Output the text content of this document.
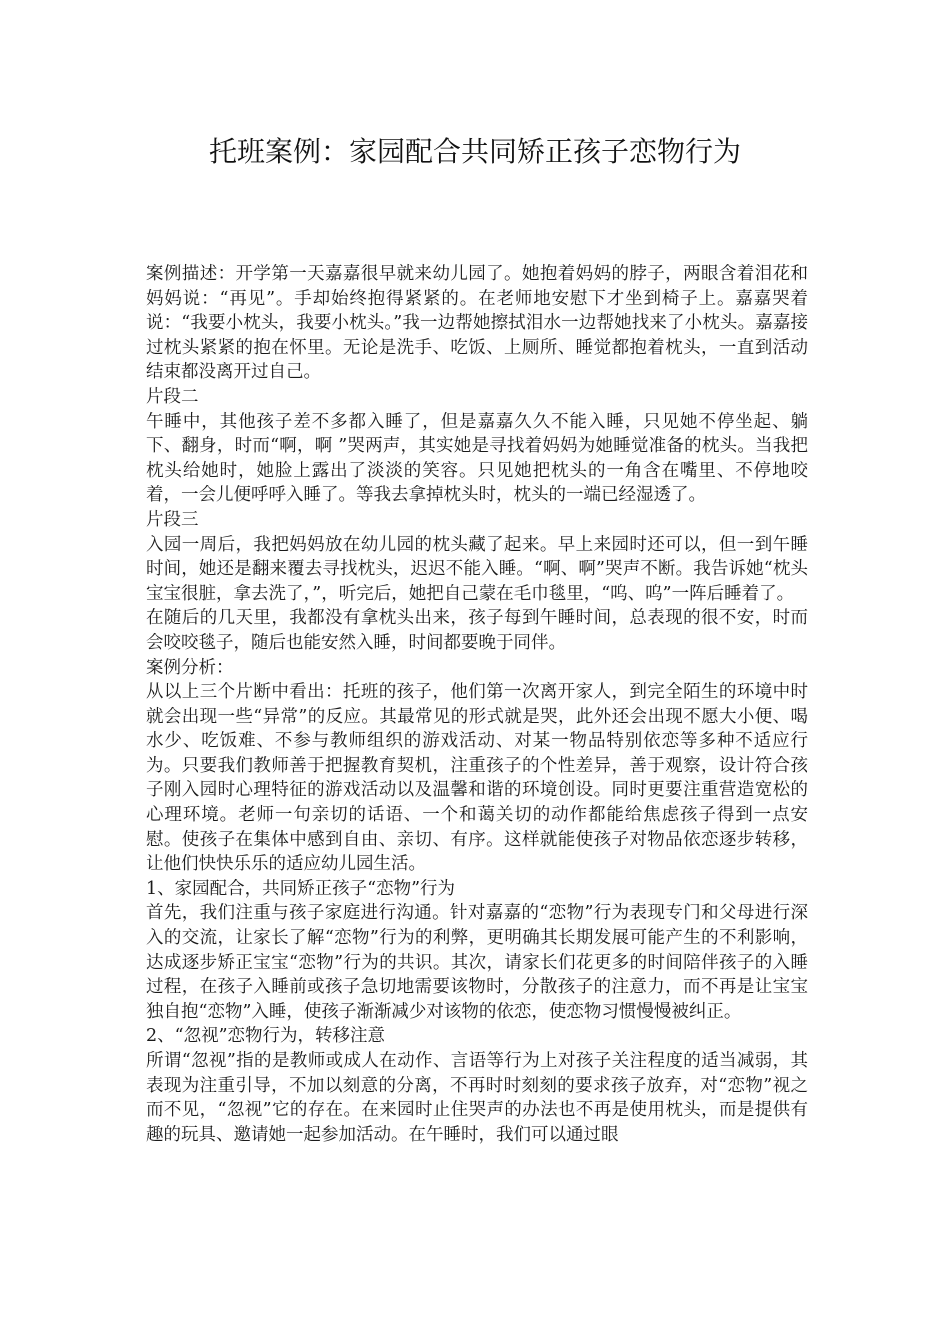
托班案例：家园配合共同矫正孩子恋物行为

案例描述：开学第一天嘉嘉很早就来幼儿园了。她抱着妈妈的脖子，两眼含着泪花和妈妈说：“再见”。手却始终抱得紧紧的。在老师地安慰下才坐到椅子上。嘉嘉哭着说：“我要小枕头，我要小枕头。”我一边帮她擦拭泪水一边帮她找来了小枕头。嘉嘉接过枕头紧紧的抱在怀里。无论是洗手、吃饭、上厕所、睡觉都抱着枕头，一直到活动结束都没离开过自己。

片段二

午睡中，其他孩子差不多都入睡了，但是嘉嘉久久不能入睡，只见她不停坐起、躺下、翻身，时而“啊，啊 ”哭两声，其实她是寻找着妈妈为她睡觉准备的枕头。当我把枕头给她时，她脸上露出了淡淡的笑容。只见她把枕头的一角含在嘴里、不停地咬着，一会儿便呼呼入睡了。等我去拿掉枕头时，枕头的一端已经湿透了。

片段三

入园一周后，我把妈妈放在幼儿园的枕头藏了起来。早上来园时还可以，但一到午睡时间，她还是翻来覆去寻找枕头，迟迟不能入睡。“啊、啊”哭声不断。我告诉她“枕头宝宝很脏，拿去洗了，”，听完后，她把自己蒙在毛巾毯里，“呜、呜”一阵后睡着了。

在随后的几天里，我都没有拿枕头出来，孩子每到午睡时间，总表现的很不安，时而会咬咬毯子，随后也能安然入睡，时间都要晚于同伴。

案例分析：

从以上三个片断中看出：托班的孩子，他们第一次离开家人，到完全陌生的环境中时就会出现一些“异常”的反应。其最常见的形式就是哭，此外还会出现不愿大小便、喝水少、吃饭难、不参与教师组织的游戏活动、对某一物品特别依恋等多种不适应行为。只要我们教师善于把握教育契机，注重孩子的个性差异，善于观察，设计符合孩子刚入园时心理特征的游戏活动以及温馨和谐的环境创设。同时更要注重营造宽松的心理环境。老师一句亲切的话语、一个和蔼关切的动作都能给焦虑孩子得到一点安慰。使孩子在集体中感到自由、亲切、有序。这样就能使孩子对物品依恋逐步转移，让他们快快乐乐的适应幼儿园生活。

1、家园配合，共同矫正孩子“恋物”行为

首先，我们注重与孩子家庭进行沟通。针对嘉嘉的“恋物”行为表现专门和父母进行深入的交流，让家长了解“恋物”行为的利弊，更明确其长期发展可能产生的不利影响，达成逐步矫正宝宝“恋物”行为的共识。其次，请家长们花更多的时间陪伴孩子的入睡过程，在孩子入睡前或孩子急切地需要该物时，分散孩子的注意力，而不再是让宝宝独自抱“恋物”入睡，使孩子渐渐减少对该物的依恋，使恋物习惯慢慢被纠正。

2、“忽视”恋物行为，转移注意

所谓“忽视”指的是教师或成人在动作、言语等行为上对孩子关注程度的适当减弱，其表现为注重引导，不加以刻意的分离，不再时时刻刻的要求孩子放弃，对“恋物”视之而不见，“忽视”它的存在。在来园时止住哭声的办法也不再是使用枕头，而是提供有趣的玩具、邀请她一起参加活动。在午睡时，我们可以通过眼
